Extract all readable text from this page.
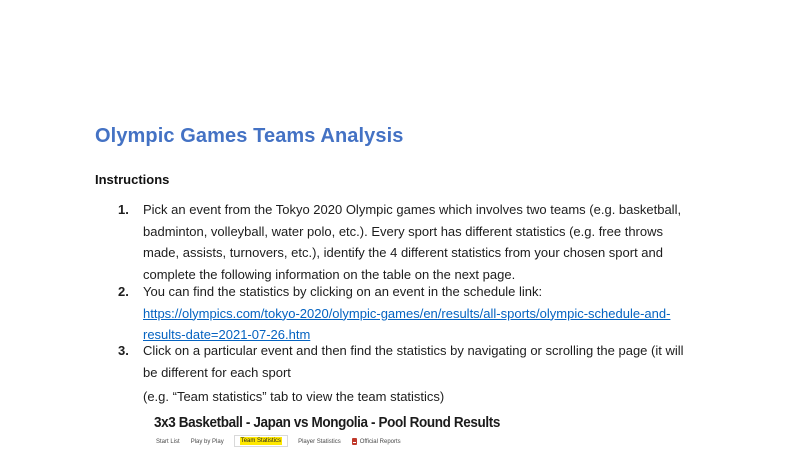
Olympic Games Teams Analysis
Instructions
1.	Pick an event from the Tokyo 2020 Olympic games which involves two teams (e.g. basketball, badminton, volleyball, water polo, etc.). Every sport has different statistics (e.g. free throws made, assists, turnovers, etc.), identify the 4 different statistics from your chosen sport and complete the following information on the table on the next page.
2.	You can find the statistics by clicking on an event in the schedule link: https://olympics.com/tokyo-2020/olympic-games/en/results/all-sports/olympic-schedule-and-results-date=2021-07-26.htm
3.	Click on a particular event and then find the statistics by navigating or scrolling the page (it will be different for each sport
(e.g. “Team statistics” tab to view the team statistics)
3x3 Basketball - Japan vs Mongolia - Pool Round Results
Start List Play by Play	Team Statistics	Player Statistics	Official Reports
